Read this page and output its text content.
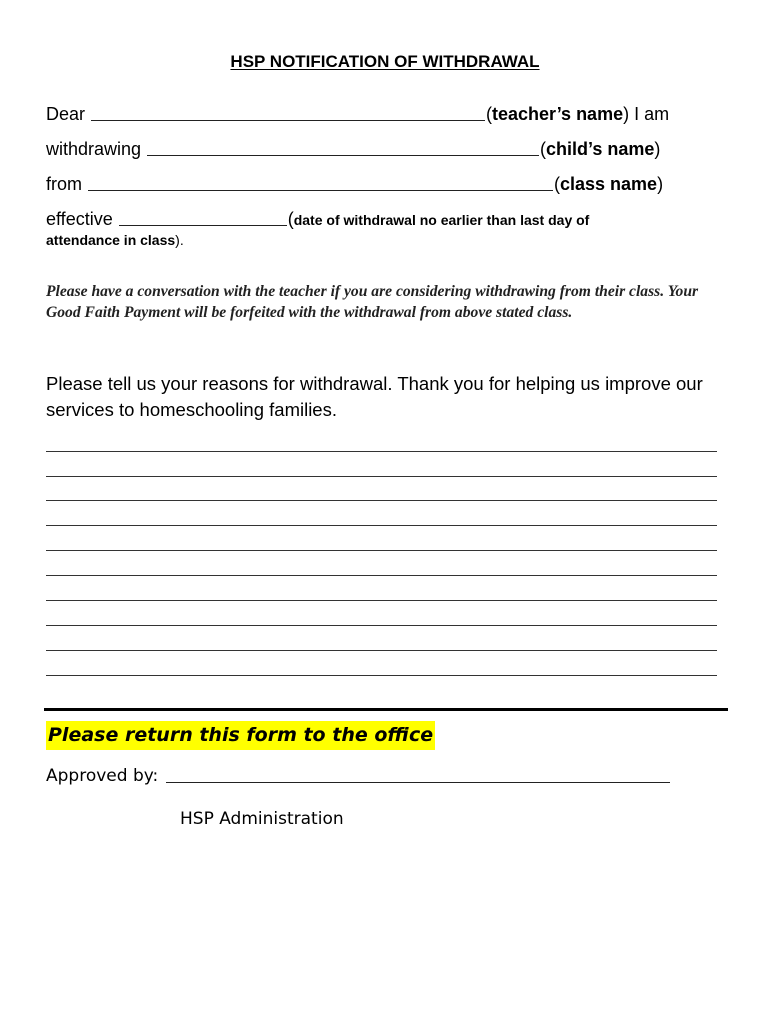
HSP NOTIFICATION OF WITHDRAWAL
Dear	( teacher’s name ) I am
withdrawing	( child’s name )
from	( class name )
effective	( date of withdrawal no earlier than last day of
attendance in class ) .
Please have a conversation with the teacher if you are considering withdrawing from their class. Your Good Faith Payment will be forfeited with the withdrawal from above stated class.
Please tell us your reasons for withdrawal. Thank you for helping us improve our services to homeschooling families.
Please return this form to the office
Approved by:
HSP Administration
